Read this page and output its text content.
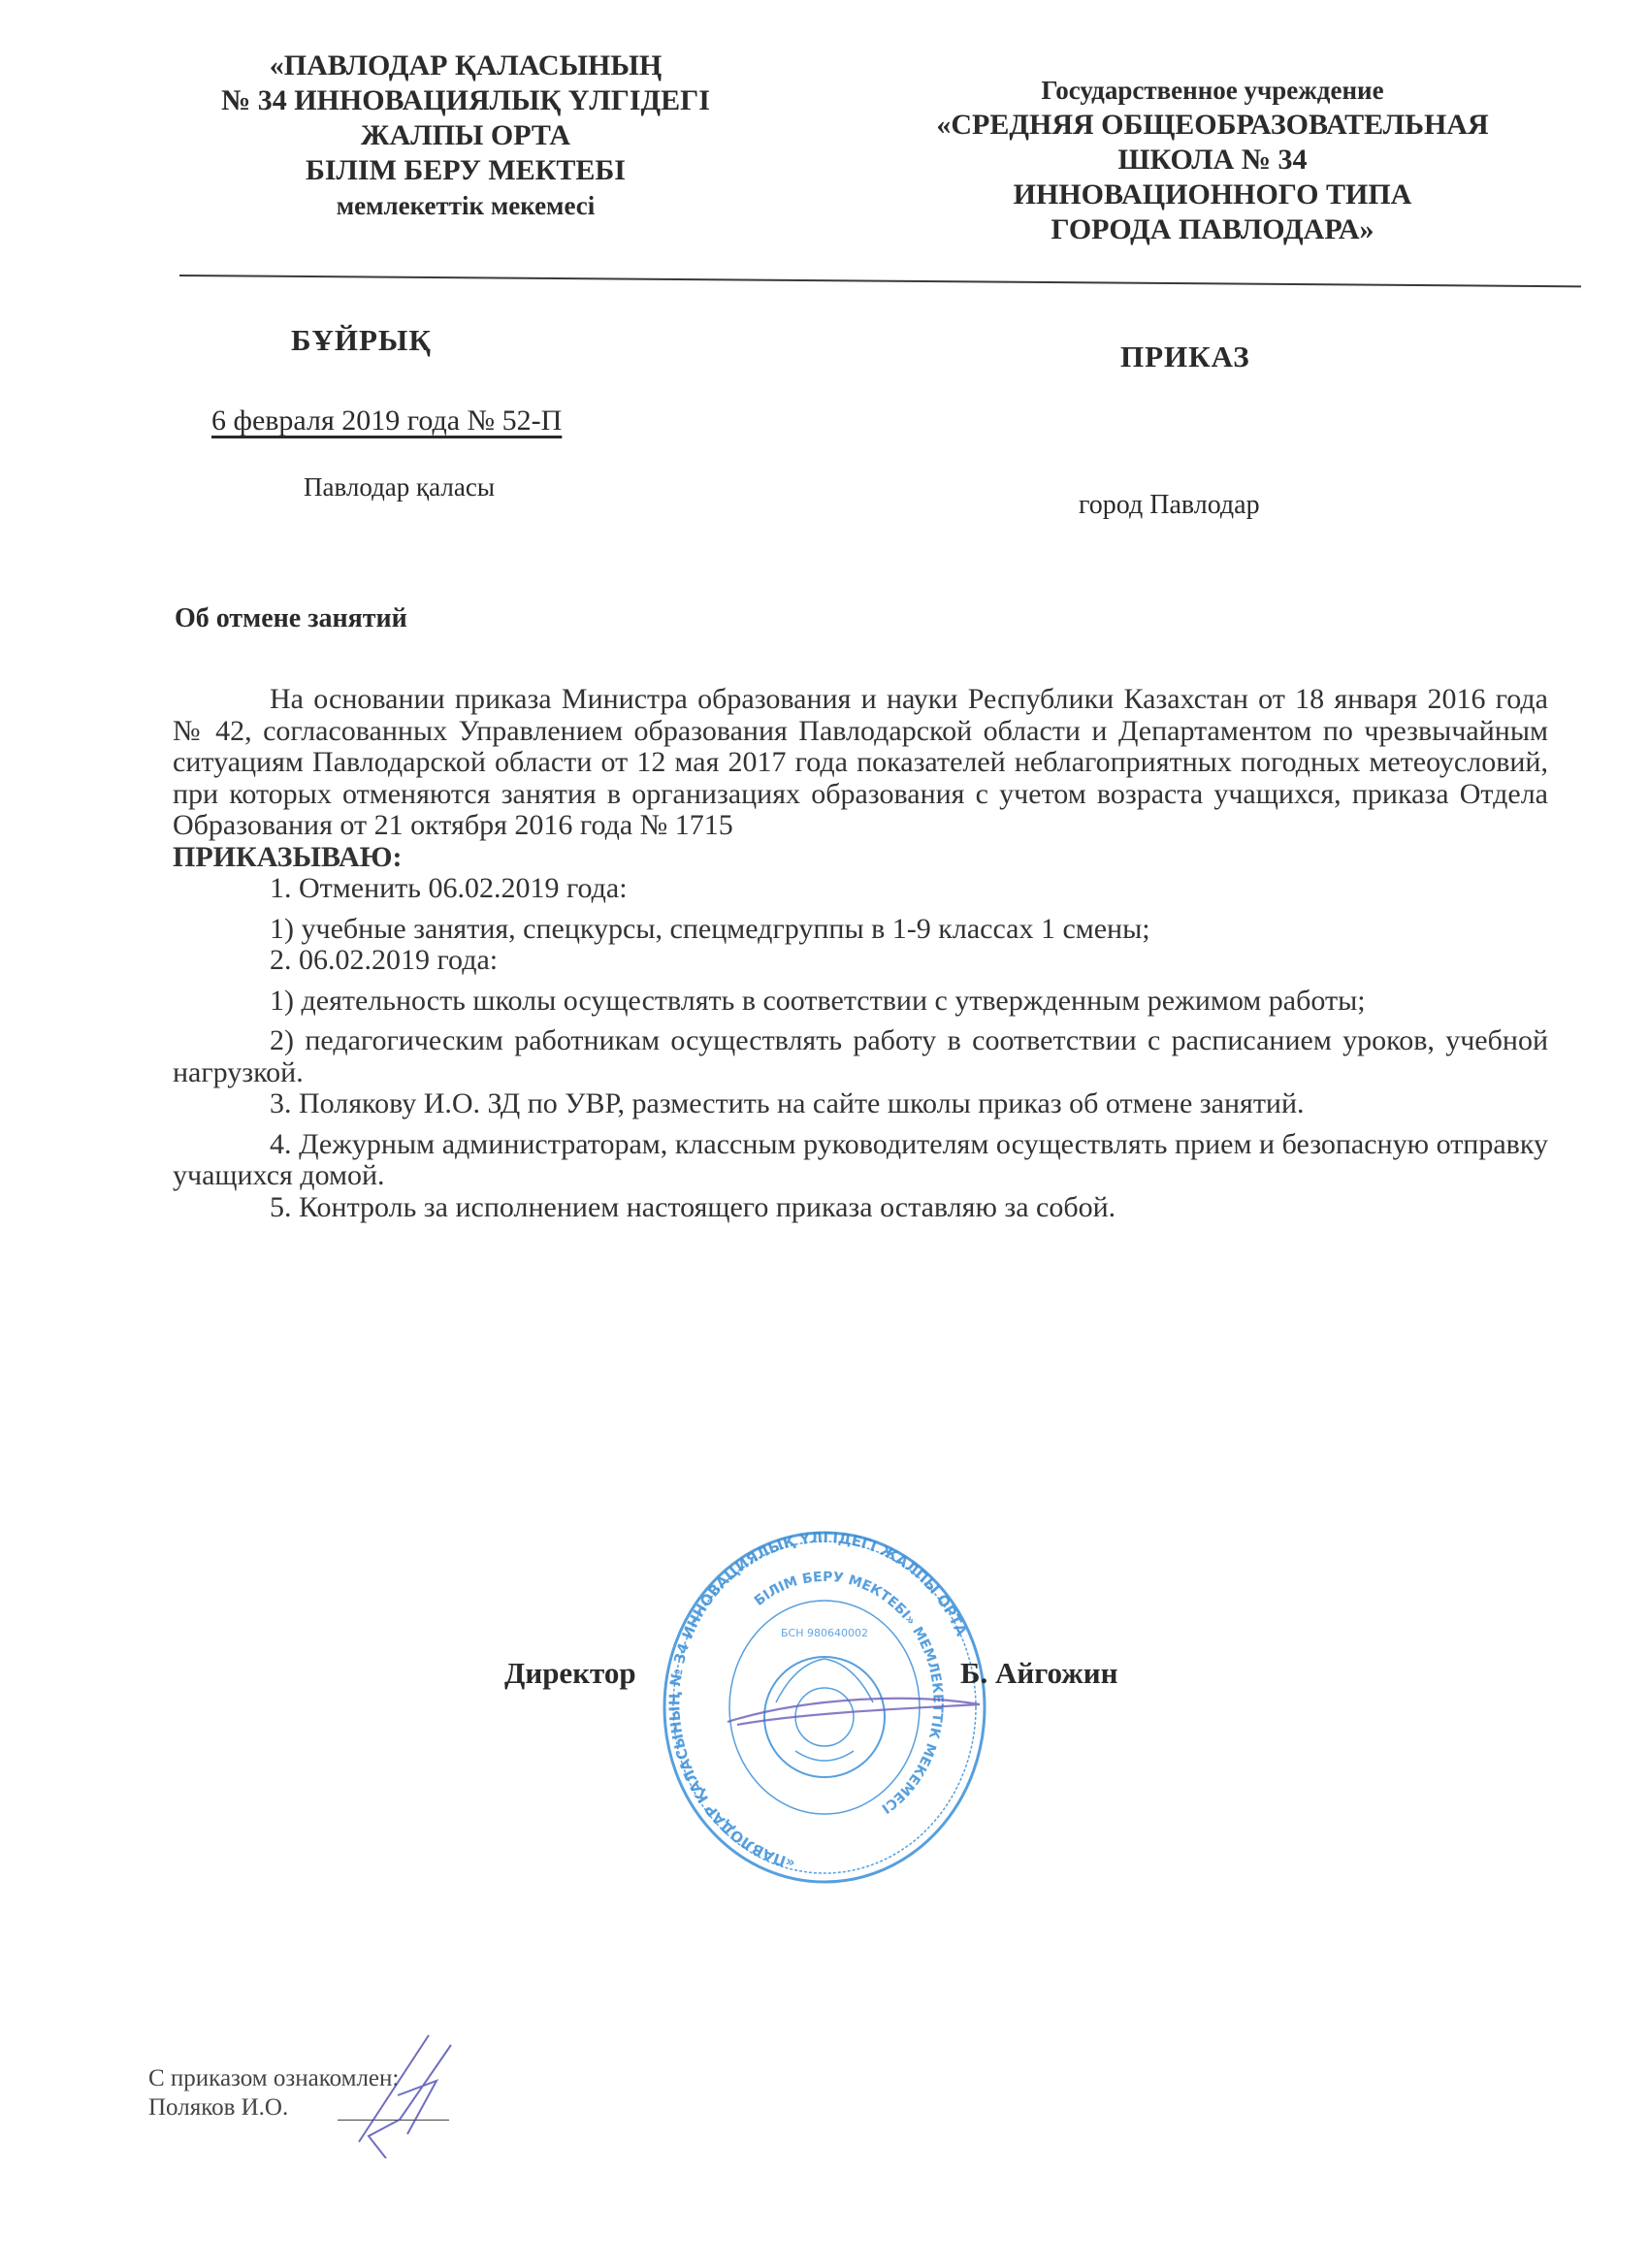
«ПАВЛОДАР ҚАЛАСЫНЫҢ
№ 34 ИННОВАЦИЯЛЫҚ ҮЛГІДЕГІ
ЖАЛПЫ ОРТА
БІЛІМ БЕРУ МЕКТЕБІ
мемлекеттік мекемесі
Государственное учреждение
«СРЕДНЯЯ ОБЩЕОБРАЗОВАТЕЛЬНАЯ
ШКОЛА № 34
ИННОВАЦИОННОГО ТИПА
ГОРОДА ПАВЛОДАРА»
БҰЙРЫҚ	ПРИКАЗ
6 февраля 2019 года № 52-П
Павлодар қаласы
город Павлодар
Об отмене занятий

На основании приказа Министра образования и науки Республики Казахстан от 18 января 2016 года № 42, согласованных Управлением образования Павлодарской области и Департаментом по чрезвычайным ситуациям Павлодарской области от 12 мая 2017 года показателей неблагоприятных погодных метеоусловий, при которых отменяются занятия в организациях образования с учетом возраста учащихся, приказа Отдела Образования от 21 октября 2016 года № 1715

ПРИКАЗЫВАЮ:

1. Отменить 06.02.2019 года:

1) учебные занятия, спецкурсы, спецмедгруппы в 1-9 классах 1 смены;

2. 06.02.2019 года:

1) деятельность школы осуществлять в соответствии с утвержденным режимом работы;

2) педагогическим работникам осуществлять работу в соответствии с расписанием уроков, учебной нагрузкой.

3. Полякову И.О. ЗД по УВР, разместить на сайте школы приказ об отмене занятий.

4. Дежурным администраторам, классным руководителям осуществлять прием и безопасную отправку учащихся домой.

5. Контроль за исполнением настоящего приказа оставляю за собой.

«ПАВЛОДАР ҚАЛАСЫНЫҢ № 34 ИННОВАЦИЯЛЫҚ ҮЛГІДЕГІ ЖАЛПЫ ОРТА
БІЛІМ БЕРУ МЕКТЕБІ» МЕМЛЕКЕТТІК МЕКЕМЕСІ
БСН 980640002
Директор	Б. Айгожин
С приказом ознакомлен:
Поляков И.О.
